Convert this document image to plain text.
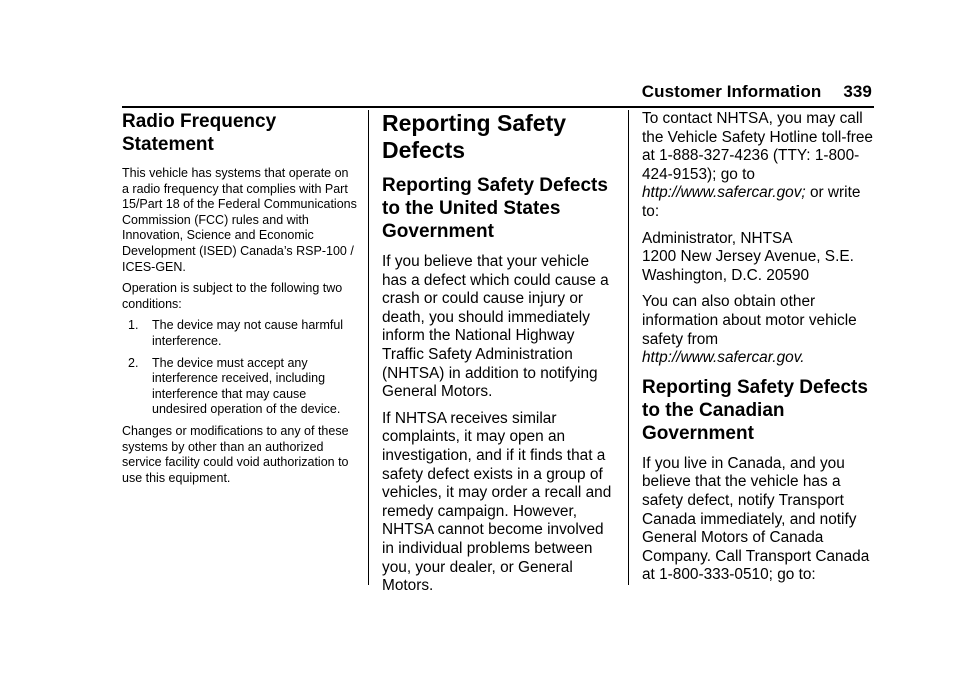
Customer Information 339
Radio Frequency Statement

This vehicle has systems that operate on a radio frequency that complies with Part 15/Part 18 of the Federal Communications Commission (FCC) rules and with Innovation, Science and Economic Development (ISED) Canada’s RSP-100 / ICES-GEN.

Operation is subject to the following two conditions:

1. The device may not cause harmful interference.
2. The device must accept any interference received, including interference that may cause undesired operation of the device.

Changes or modifications to any of these systems by other than an authorized service facility could void authorization to use this equipment.

Reporting Safety Defects
Reporting Safety Defects to the United States Government

If you believe that your vehicle has a defect which could cause a crash or could cause injury or death, you should immediately inform the National Highway Traffic Safety Administration (NHTSA) in addition to notifying General Motors.

If NHTSA receives similar complaints, it may open an investigation, and if it finds that a safety defect exists in a group of vehicles, it may order a recall and remedy campaign. However, NHTSA cannot become involved in individual problems between you, your dealer, or General Motors.

To contact NHTSA, you may call the Vehicle Safety Hotline toll-free at 1-888-327-4236 (TTY: 1-800-424-9153); go to http://www.safercar.gov; or write to:

Administrator, NHTSA
1200 New Jersey Avenue, S.E.
Washington, D.C. 20590

You can also obtain other information about motor vehicle safety from http://www.safercar.gov.

Reporting Safety Defects to the Canadian Government

If you live in Canada, and you believe that the vehicle has a safety defect, notify Transport Canada immediately, and notify General Motors of Canada Company. Call Transport Canada at 1-800-333-0510; go to:
